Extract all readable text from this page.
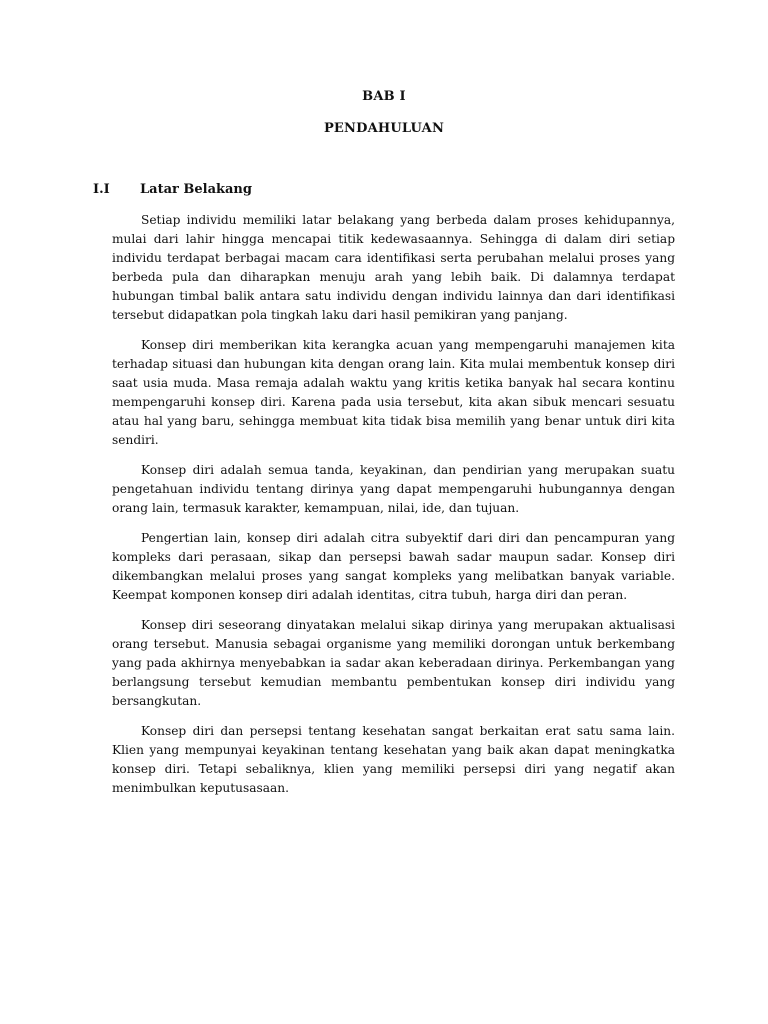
BAB I
PENDAHULUAN
I.I Latar Belakang

Setiap individu memiliki latar belakang yang berbeda dalam proses kehidupannya, mulai dari lahir hingga mencapai titik kedewasaannya. Sehingga di dalam diri setiap individu terdapat berbagai macam cara identifikasi serta perubahan melalui proses yang berbeda pula dan diharapkan menuju arah yang lebih baik. Di dalamnya terdapat hubungan timbal balik antara satu individu dengan individu lainnya dan dari identifikasi tersebut didapatkan pola tingkah laku dari hasil pemikiran yang panjang.

Konsep diri memberikan kita kerangka acuan yang mempengaruhi manajemen kita terhadap situasi dan hubungan kita dengan orang lain. Kita mulai membentuk konsep diri saat usia muda. Masa remaja adalah waktu yang kritis ketika banyak hal secara kontinu mempengaruhi konsep diri. Karena pada usia tersebut, kita akan sibuk mencari sesuatu atau hal yang baru, sehingga membuat kita tidak bisa memilih yang benar untuk diri kita sendiri.

Konsep diri adalah semua tanda, keyakinan, dan pendirian yang merupakan suatu pengetahuan individu tentang dirinya yang dapat mempengaruhi hubungannya dengan orang lain, termasuk karakter, kemampuan, nilai, ide, dan tujuan.

Pengertian lain, konsep diri adalah citra subyektif dari diri dan pencampuran yang kompleks dari perasaan, sikap dan persepsi bawah sadar maupun sadar. Konsep diri dikembangkan melalui proses yang sangat kompleks yang melibatkan banyak variable. Keempat komponen konsep diri adalah identitas, citra tubuh, harga diri dan peran.

Konsep diri seseorang dinyatakan melalui sikap dirinya yang merupakan aktualisasi orang tersebut. Manusia sebagai organisme yang memiliki dorongan untuk berkembang yang pada akhirnya menyebabkan ia sadar akan keberadaan dirinya. Perkembangan yang berlangsung tersebut kemudian membantu pembentukan konsep diri individu yang bersangkutan.

Konsep diri dan persepsi tentang kesehatan sangat berkaitan erat satu sama lain. Klien yang mempunyai keyakinan tentang kesehatan yang baik akan dapat meningkatka konsep diri. Tetapi sebaliknya, klien yang memiliki persepsi diri yang negatif akan menimbulkan keputusasaan.
